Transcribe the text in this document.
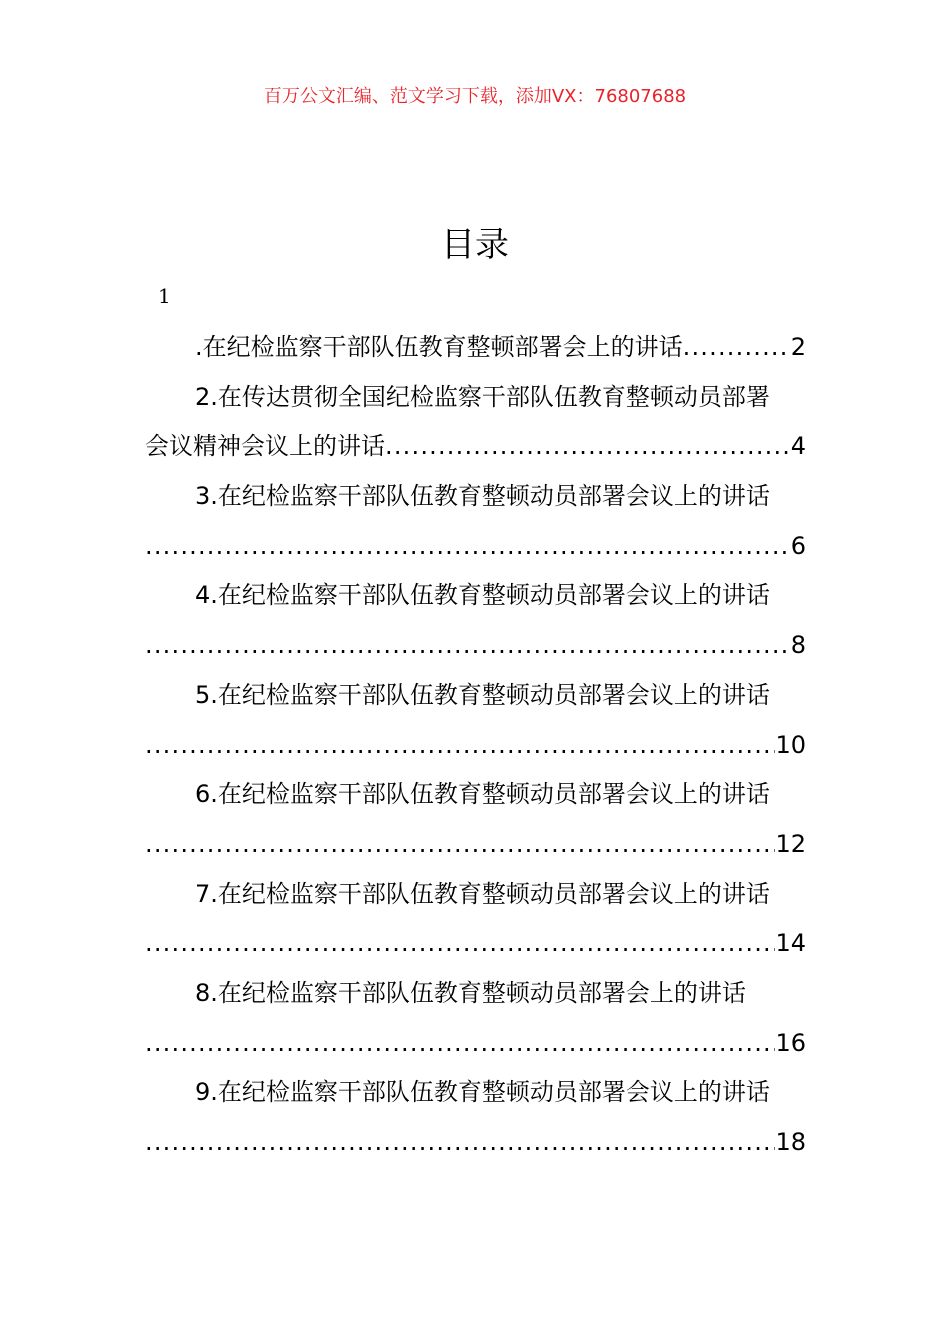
百万公文汇编、范文学习下载，添加VX：76807688
目录
1
.在纪检监察干部队伍教育整顿部署会上的讲话 .....	2
2.在传达贯彻全国纪检监察干部队伍教育整顿动员部署
会议精神会议上的讲话 .....	4
3.在纪检监察干部队伍教育整顿动员部署会议上的讲话
.....
6
4.在纪检监察干部队伍教育整顿动员部署会议上的讲话
.....
8
5.在纪检监察干部队伍教育整顿动员部署会议上的讲话
.....
10
6.在纪检监察干部队伍教育整顿动员部署会议上的讲话
.....
12
7.在纪检监察干部队伍教育整顿动员部署会议上的讲话
.....
14
8.在纪检监察干部队伍教育整顿动员部署会上的讲话
.....
16
9.在纪检监察干部队伍教育整顿动员部署会议上的讲话
.....
18
